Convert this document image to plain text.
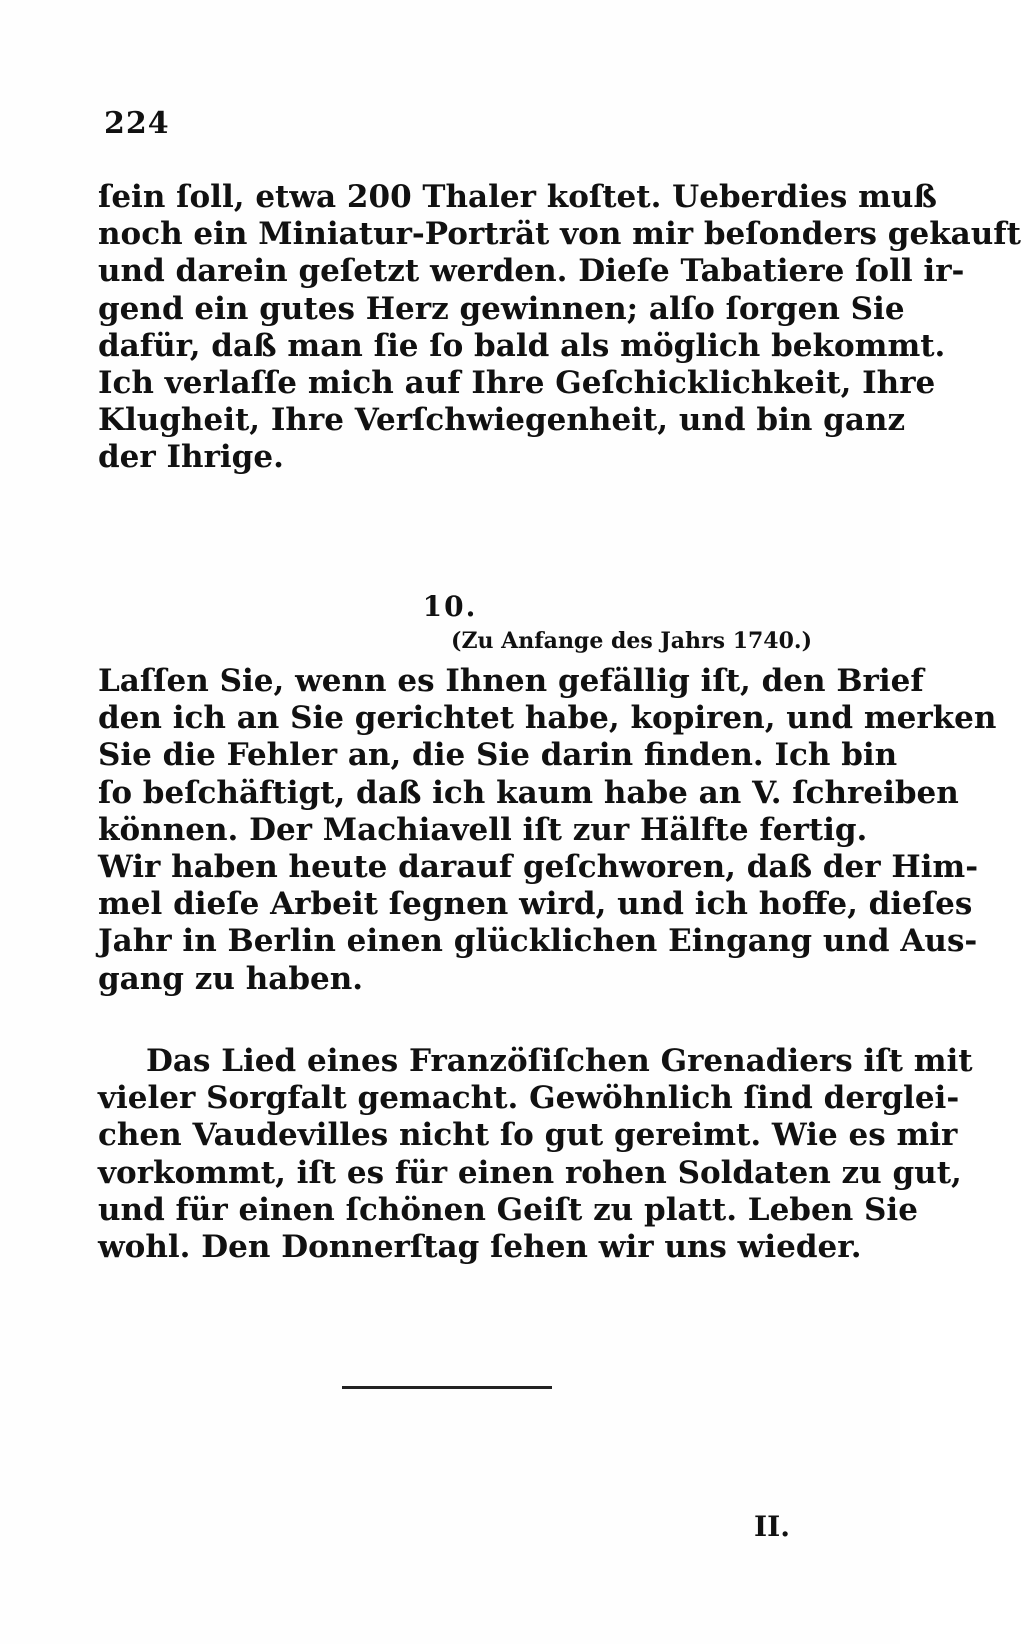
224
ſein ſoll, etwa 200 Thaler koſtet. Ueberdies muß
noch ein Miniatur-Porträt von mir beſonders gekauft
und darein geſetzt werden. Dieſe Tabatiere ſoll ir-
gend ein gutes Herz gewinnen; alſo ſorgen Sie
dafür, daß man ſie ſo bald als möglich bekommt.
Ich verlaſſe mich auf Ihre Geſchicklichkeit, Ihre
Klugheit, Ihre Verſchwiegenheit, und bin ganz
der Ihrige.
10.
(Zu Anfange des Jahrs 1740.)
Laſſen Sie, wenn es Ihnen gefällig iſt, den Brief
den ich an Sie gerichtet habe, kopiren, und merken
Sie die Fehler an, die Sie darin finden. Ich bin
ſo beſchäftigt, daß ich kaum habe an V. ſchreiben
können. Der Machiavell iſt zur Hälfte fertig.
Wir haben heute darauf geſchworen, daß der Him-
mel dieſe Arbeit ſegnen wird, und ich hoffe, dieſes
Jahr in Berlin einen glücklichen Eingang und Aus-
gang zu haben.
Das Lied eines Franzöſiſchen Grenadiers iſt mit
vieler Sorgfalt gemacht. Gewöhnlich ſind derglei-
chen Vaudevilles nicht ſo gut gereimt. Wie es mir
vorkommt, iſt es für einen rohen Soldaten zu gut,
und für einen ſchönen Geiſt zu platt. Leben Sie
wohl. Den Donnerſtag ſehen wir uns wieder.
II.
